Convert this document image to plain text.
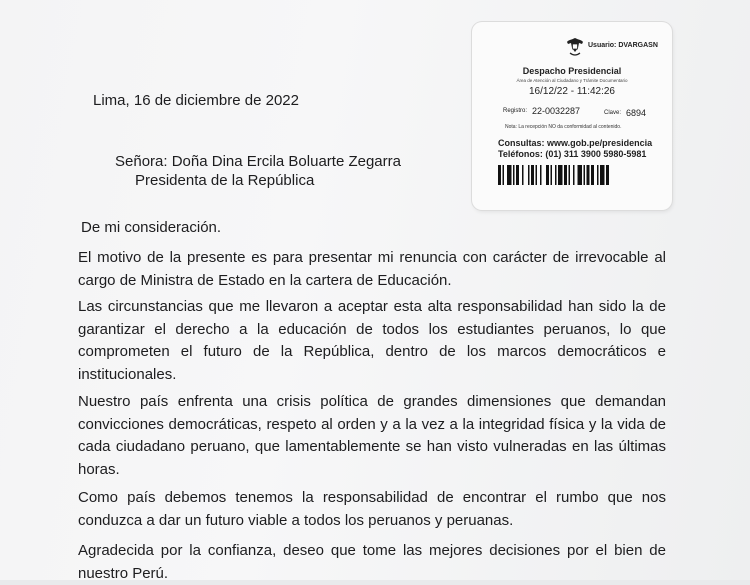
Lima, 16 de diciembre de 2022
Señora: Doña Dina Ercila Boluarte Zegarra
Presidenta de la República
De mi consideración.
El motivo de la presente es para presentar mi renuncia con carácter de irrevocable al cargo de Ministra de Estado en la cartera de Educación.
Las circunstancias que me llevaron a aceptar esta alta responsabilidad han sido la de garantizar el derecho a la educación de todos los estudiantes peruanos, lo que comprometen el futuro de la República, dentro de los marcos democráticos e institucionales.
Nuestro país enfrenta una crisis política de grandes dimensiones que demandan convicciones democráticas, respeto al orden y a la vez a la integridad física y la vida de cada ciudadano peruano, que lamentablemente se han visto vulneradas en las últimas horas.
Como país debemos tenemos la responsabilidad de encontrar el rumbo que nos conduzca a dar un futuro viable a todos los peruanos y peruanas.
Agradecida por la confianza, deseo que tome las mejores decisiones por el bien de nuestro Perú.
Usuario: DVARGASN
Despacho Presidencial
Área de Atención al Ciudadano y Trámite Documentario
16/12/22 - 11:42:26
Registro: 22-0032287	Clave: 6894
Nota: La recepción NO da conformidad al contenido.
Consultas: www.gob.pe/presidencia
Teléfonos: (01) 311 3900 5980-5981
